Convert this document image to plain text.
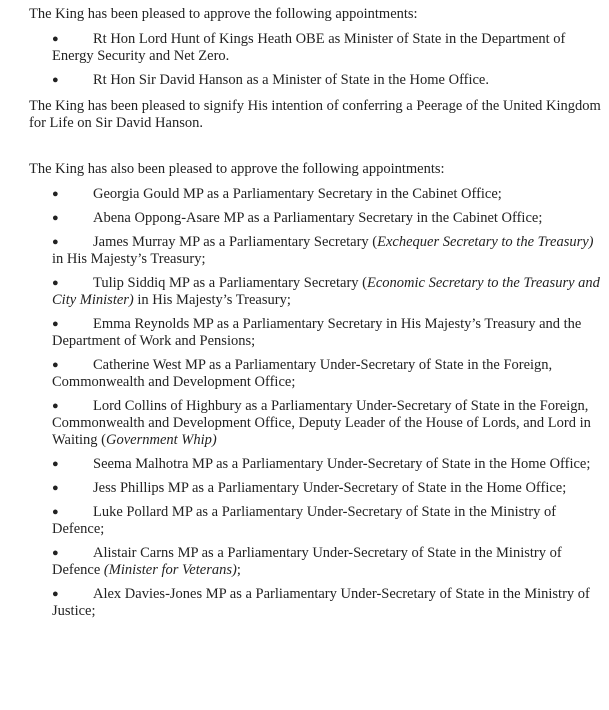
The King has been pleased to approve the following appointments:

● Rt Hon Lord Hunt of Kings Heath OBE as Minister of State in the Department of Energy Security and Net Zero.
● Rt Hon Sir David Hanson as a Minister of State in the Home Office.

The King has been pleased to signify His intention of conferring a Peerage of the United Kingdom for Life on Sir David Hanson.

The King has also been pleased to approve the following appointments:

● Georgia Gould MP as a Parliamentary Secretary in the Cabinet Office;
● Abena Oppong-Asare MP as a Parliamentary Secretary in the Cabinet Office;
● James Murray MP as a Parliamentary Secretary (Exchequer Secretary to the Treasury) in His Majesty’s Treasury;
● Tulip Siddiq MP as a Parliamentary Secretary (Economic Secretary to the Treasury and City Minister) in His Majesty’s Treasury;
● Emma Reynolds MP as a Parliamentary Secretary in His Majesty’s Treasury and the Department of Work and Pensions;
● Catherine West MP as a Parliamentary Under-Secretary of State in the Foreign, Commonwealth and Development Office;
● Lord Collins of Highbury as a Parliamentary Under-Secretary of State in the Foreign, Commonwealth and Development Office, Deputy Leader of the House of Lords, and Lord in Waiting (Government Whip)
● Seema Malhotra MP as a Parliamentary Under-Secretary of State in the Home Office;
● Jess Phillips MP as a Parliamentary Under-Secretary of State in the Home Office;
● Luke Pollard MP as a Parliamentary Under-Secretary of State in the Ministry of Defence;
● Alistair Carns MP as a Parliamentary Under-Secretary of State in the Ministry of Defence (Minister for Veterans);
● Alex Davies-Jones MP as a Parliamentary Under-Secretary of State in the Ministry of Justice;
